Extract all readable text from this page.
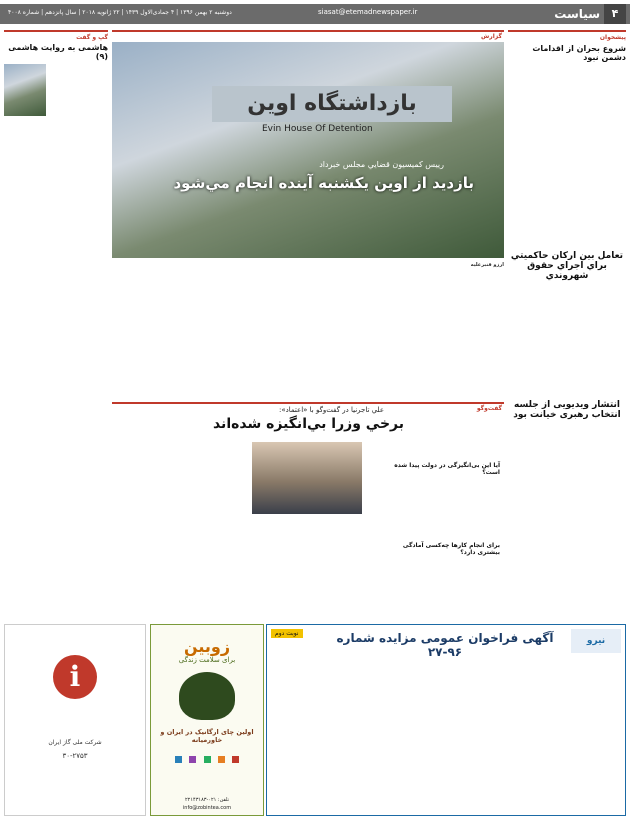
۴
سیاست
siasat@etemadnewspaper.ir
دوشنبه ۲ بهمن ۱۳۹۶ | ۴ جمادی‌الاول ۱۴۳۹ | ۲۲ ژانویه ۲۰۱۸ | سال پانزدهم | شماره ۴۰۰۸
پیشخوان
شروع بحران از اقدامات دشمن نبود
تعامل بين اركان حاكميتي براي اجراي حقوق شهروندي
انتشار ویدیویی از جلسه انتخاب رهبری خیانت بود
گپ و گفت
هاشمی به روایت هاشمی (۹)
گزارش
بازداشتگاه اوین
Evin House Of Detention
رييس كميسيون قضايي مجلس خبرداد
بازديد از اوين يكشنبه آينده انجام مي‌شود
آرزو قنبرعلیه
گفت‌وگو
علي تاجرنيا در گفت‌وگو با «اعتماد»:
برخي وزرا بي‌انگيزه شده‌اند
آیا این بی‌انگیزگی در دولت پیدا شده است؟
برای انجام کارها چه‌کسی آمادگی بیشتری دارد؟
نیرو
آگهی فراخوان عمومی مزایده شماره ۹۶-۲۷
نوبت دوم
زوبین
برای سلامت زندگی
اولین چای ارگانیک در ایران و خاورمیانه

تلفن: ۰۲۱-۲۲۱۴۳۱۸۳
info@zobintea.com
i
شرکت ملی گاز ایران
۳۰-۲۷۵۳
